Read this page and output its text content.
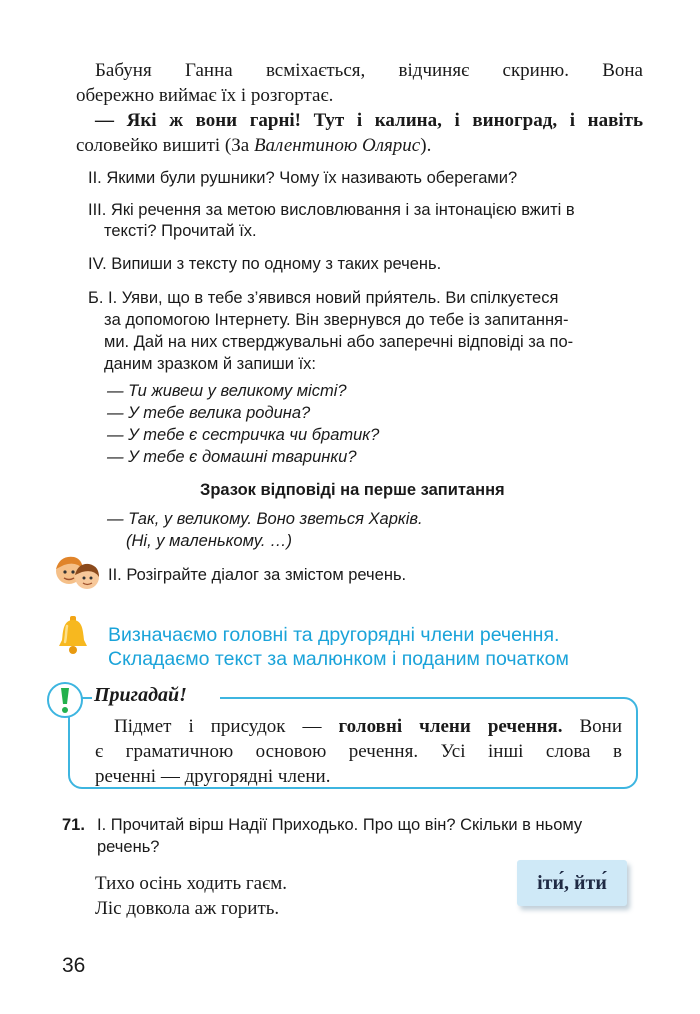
Бабуня Ганна всміхається, відчиняє скриню. Вона
обережно виймає їх і розгортає.
— Які ж вони гарні! Тут і калина, і виноград, і навіть
соловейко вишиті (За Валентиною Олярис).
ІІ. Якими були рушники? Чому їх називають оберегами?
ІІІ. Які речення за метою висловлювання і за інтонацією вжиті в
тексті? Прочитай їх.
IV. Випиши з тексту по одному з таких речень.
Б. І. Уяви, що в тебе з’явився новий при́ятель. Ви спілкуєтеся
за допомогою Інтернету. Він звернувся до тебе із запитання-
ми. Дай на них стверджувальні або заперечні відповіді за по-
даним зразком й запиши їх:
— Ти живеш у великому місті?
— У тебе велика родина?
— У тебе є сестричка чи братик?
— У тебе є домашні тваринки?
Зразок відповіді на перше запитання
— Так, у великому. Воно зветься Харків.
(Ні, у маленькому. …)
ІІ. Розіграйте діалог за змістом речень.
Визначаємо головні та другорядні члени речення.
Складаємо текст за малюнком і поданим початком
Пригадай!
Підмет і присудок — головні члени речення. Вони
є граматичною основою речення. Усі інші слова в
реченні — другорядні члени.
71. І. Прочитай вірш Надії Приходько. Про що він? Скільки в ньому
речень?
Тихо осінь ходить гаєм.
Ліс довкола аж горить.
іти́, йти́
36
